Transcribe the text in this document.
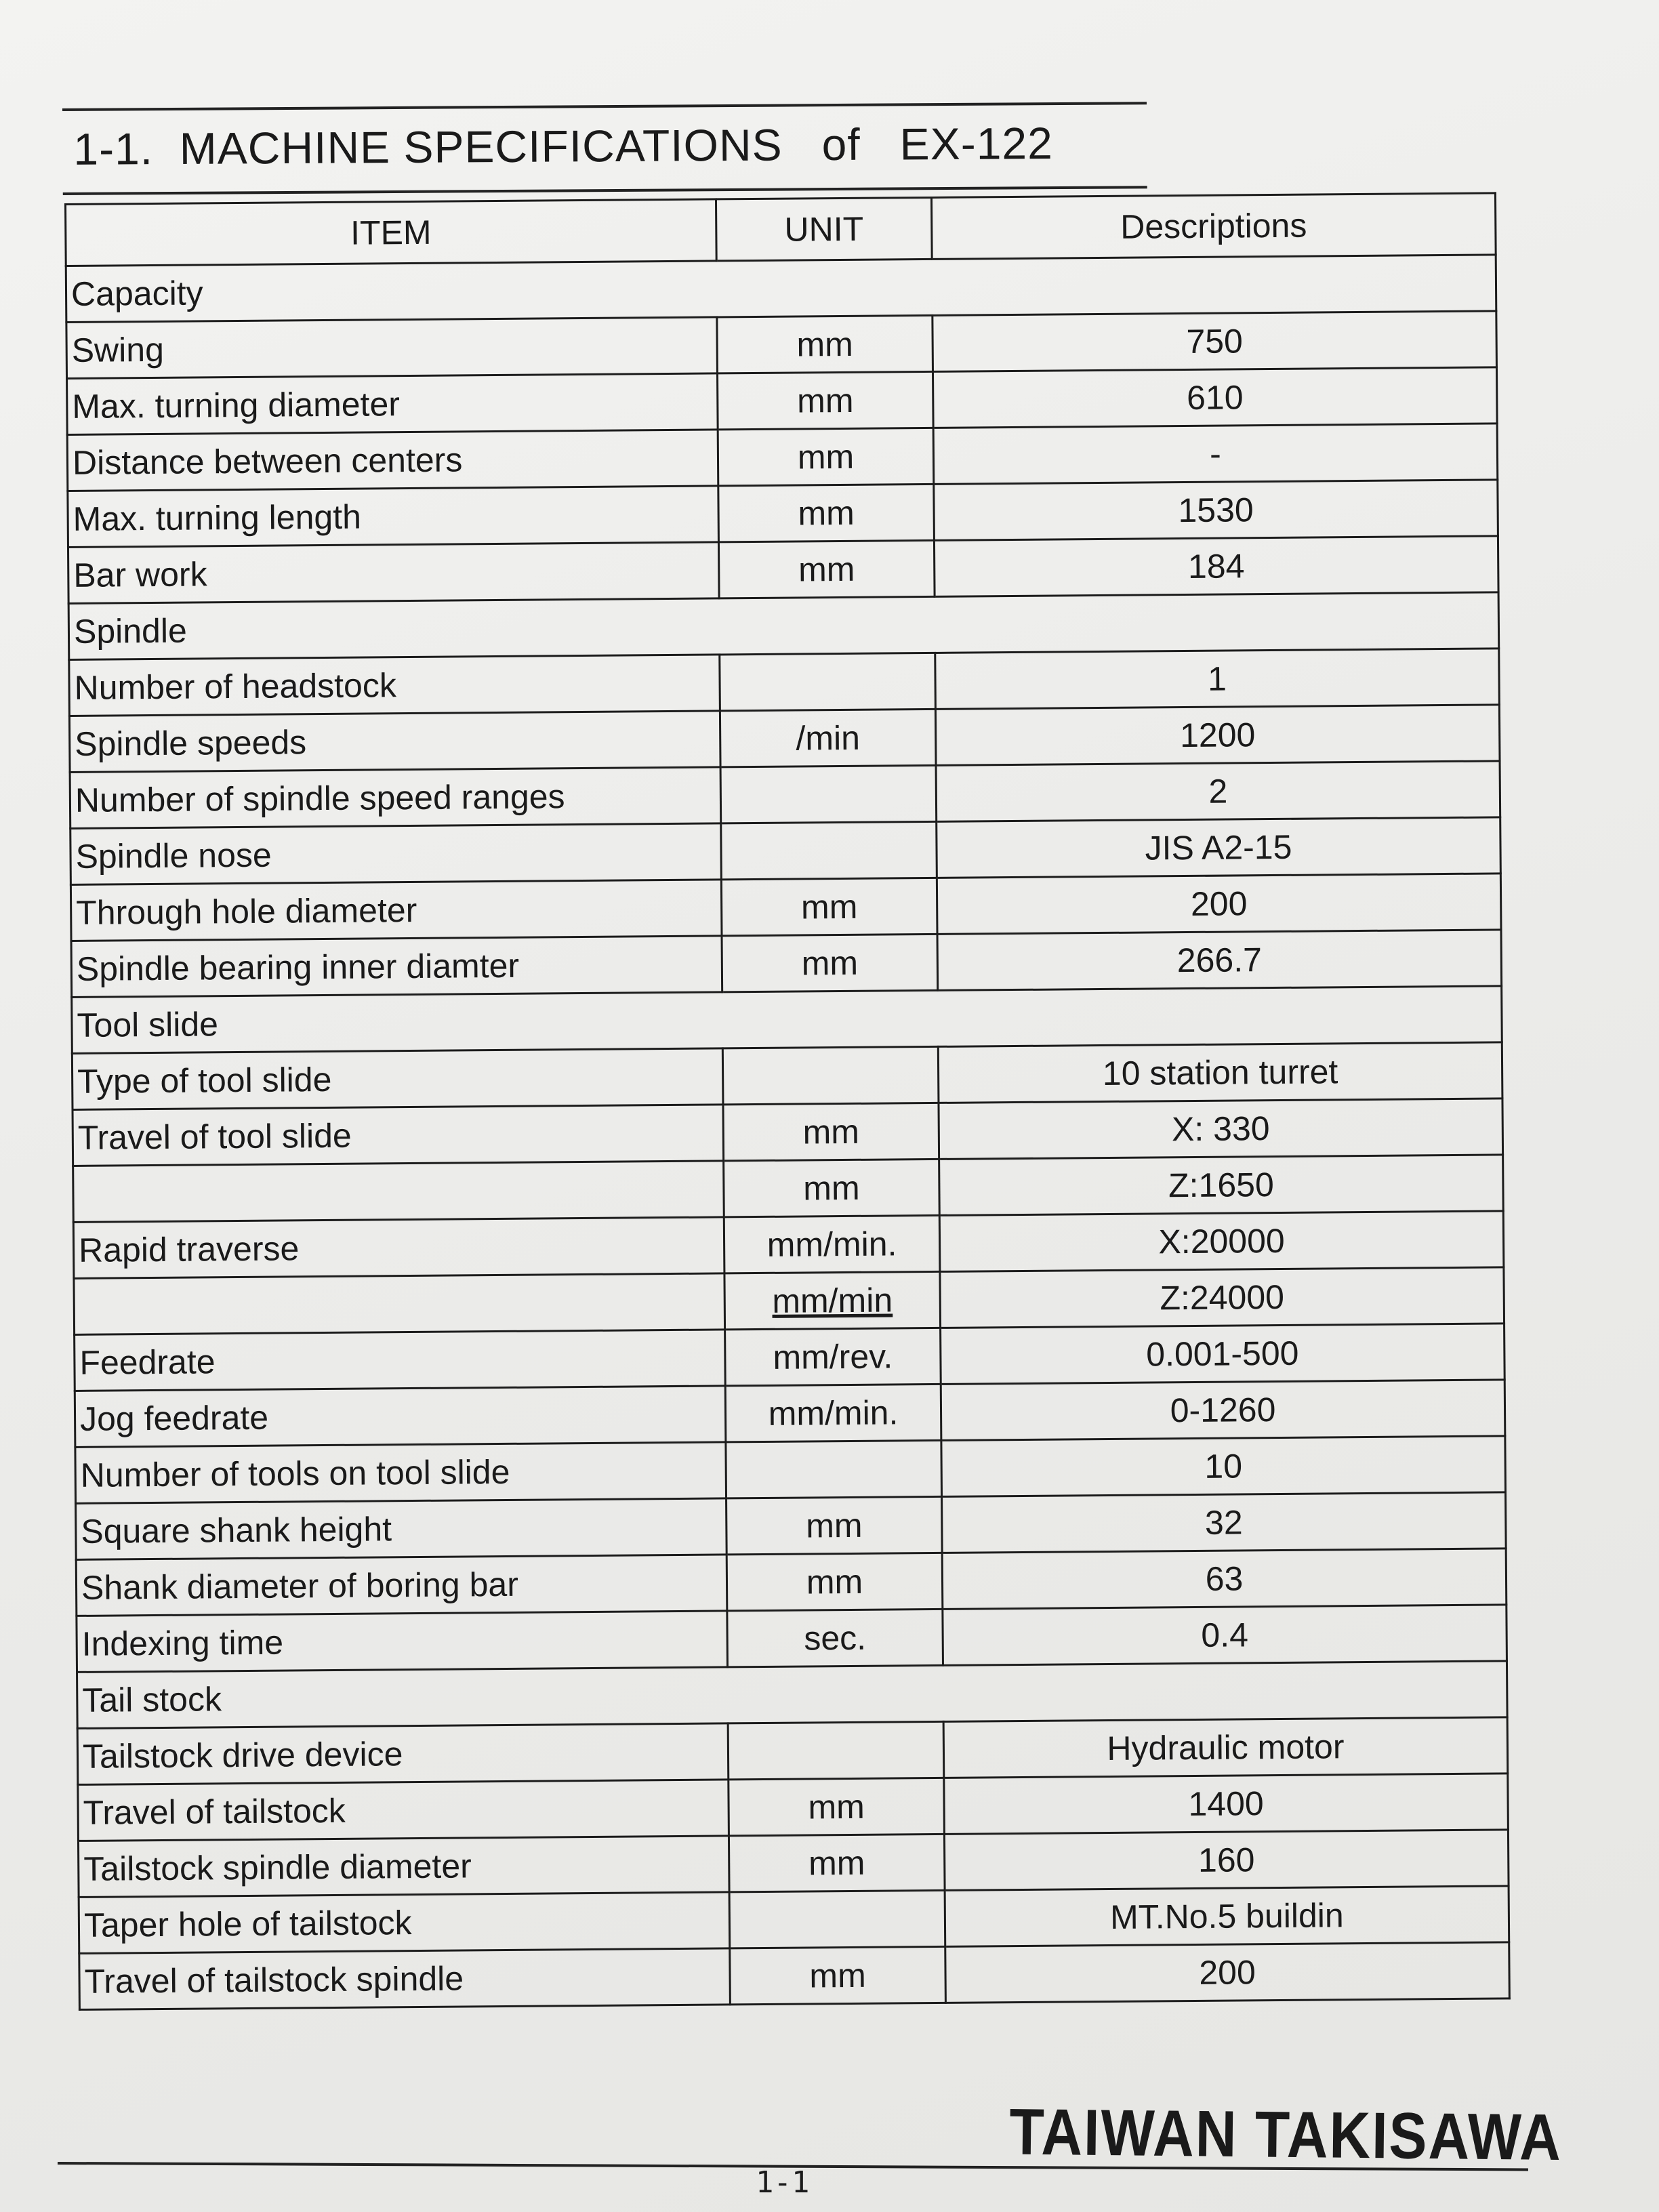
1-1.  MACHINE SPECIFICATIONS   of   EX-122
ITEM	UNIT	Descriptions
Capacity		
Swing	mm	750
Max. turning diameter	mm	610
Distance between centers	mm	-
Max. turning length	mm	1530
Bar work	mm	184
Spindle		
Number of headstock		1
Spindle speeds	/min	1200
Number of spindle speed ranges		2
Spindle nose		JIS A2-15
Through hole diameter	mm	200
Spindle bearing inner diamter	mm	266.7
Tool slide		
Type of tool slide		10 station turret
Travel of tool slide	mm	X: 330
	mm	Z:1650
Rapid traverse	mm/min.	X:20000
	mm/min	Z:24000
Feedrate	mm/rev.	0.001-500
Jog feedrate	mm/min.	0-1260
Number of tools on tool slide		10
Square shank height	mm	32
Shank diameter of boring bar	mm	63
Indexing time	sec.	0.4
Tail stock		
Tailstock drive device		Hydraulic motor
Travel of tailstock	mm	1400
Tailstock spindle diameter	mm	160
Taper hole of tailstock		MT.No.5 buildin
Travel of tailstock spindle	mm	200
TAIWAN TAKISAWA
1-1
